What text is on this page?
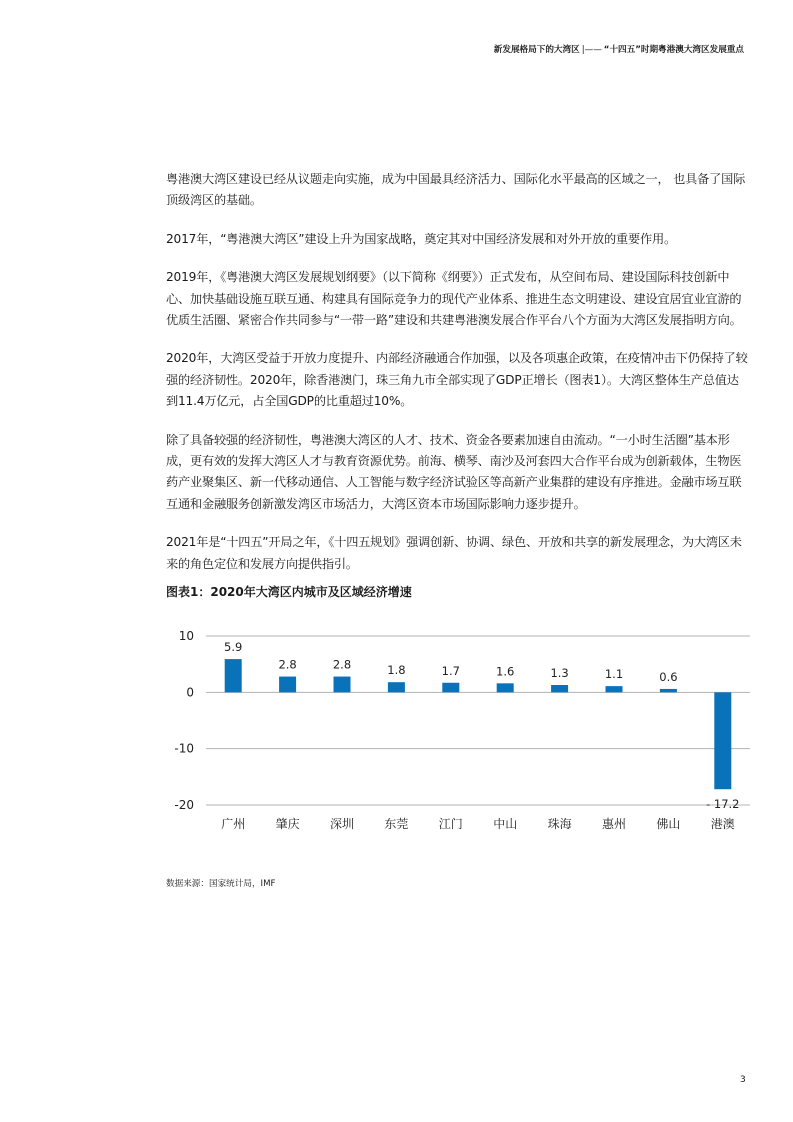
新发展格局下的大湾区 |—— “十四五”时期粤港澳大湾区发展重点

粤港澳大湾区建设已经从议题走向实施，成为中国最具经济活力、国际化水平最高的区域之一， 也具备了国际顶级湾区的基础。

2017年，“粤港澳大湾区”建设上升为国家战略，奠定其对中国经济发展和对外开放的重要作用。

2019年，《粤港澳大湾区发展规划纲要》（以下简称《纲要》）正式发布，从空间布局、建设国际科技创新中心、加快基础设施互联互通、构建具有国际竞争力的现代产业体系、推进生态文明建设、建设宜居宜业宜游的优质生活圈、紧密合作共同参与“一带一路”建设和共建粤港澳发展合作平台八个方面为大湾区发展指明方向。

2020年，大湾区受益于开放力度提升、内部经济融通合作加强，以及各项惠企政策，在疫情冲击下仍保持了较强的经济韧性。2020年，除香港澳门，珠三角九市全部实现了GDP正增长（图表1）。大湾区整体生产总值达到11.4万亿元，占全国GDP的比重超过10%。

除了具备较强的经济韧性，粤港澳大湾区的人才、技术、资金各要素加速自由流动。“一小时生活圈”基本形成，更有效的发挥大湾区人才与教育资源优势。前海、横琴、南沙及河套四大合作平台成为创新载体，生物医药产业聚集区、新一代移动通信、人工智能与数字经济试验区等高新产业集群的建设有序推进。金融市场互联互通和金融服务创新激发湾区市场活力，大湾区资本市场国际影响力逐步提升。

2021年是“十四五”开局之年，《十四五规划》强调创新、协调、绿色、开放和共享的新发展理念，为大湾区未来的角色定位和发展方向提供指引。

图表1：2020年大湾区内城市及区域经济增速
10
0
-10
-20
5.9
广州
2.8
肇庆
2.8
深圳
1.8
东莞
1.7
江门
1.6
中山
1.3
珠海
1.1
惠州
0.6
佛山
- 17.2
港澳
数据来源：国家统计局，IMF
3
